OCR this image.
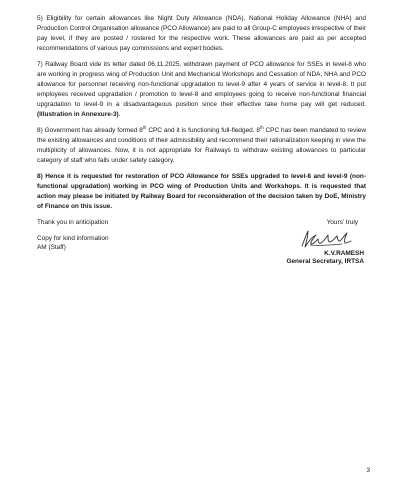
5) Eligibility for certain allowances like Night Duty Allowance (NDA), National Holiday Allowance (NHA) and Production Control Organisation allowance (PCO Allowance) are paid to all Group-C employees irrespective of their pay level, if they are posted / rostered for the respective work. These allowances are paid as per accepted recommendations of various pay commissions and expert bodies.

7) Railway Board vide its letter dated 06.11.2025, withdrawn payment of PCO allowance for SSEs in level-8 who are working in progress wing of Production Unit and Mechanical Workshops and Cessation of NDA, NHA and PCO allowance for personnel receiving non-functional upgradation to level-9 after 4 years of service in level-8. It put employees received upgradation / promotion to level-8 and employees going to receive non-functional financial upgradation to level-9 in a disadvantageous position since their effective take home pay will get reduced. (Illustration in Annexure-3).

8) Government has already formed 8th CPC and it is functioning full-fledged. 8th CPC has been mandated to review the existing allowances and conditions of their admissibility and recommend their rationalization keeping in view the multiplicity of allowances. Now, it is not appropriate for Railways to withdraw existing allowances to particular category of staff who falls under safety category.

8) Hence it is requested for restoration of PCO Allowance for SSEs upgraded to level-8 and level-9 (non-functional upgradation) working in PCO wing of Production Units and Workshops. It is requested that action may please be initiated by Railway Board for reconsideration of the decision taken by DoE, Ministry of Finance on this issue.

Thank you in anticipation	Yours' truly
Copy for kind information
AM (Staff)
K.V.RAMESH
General Secretary, IRTSA
3
